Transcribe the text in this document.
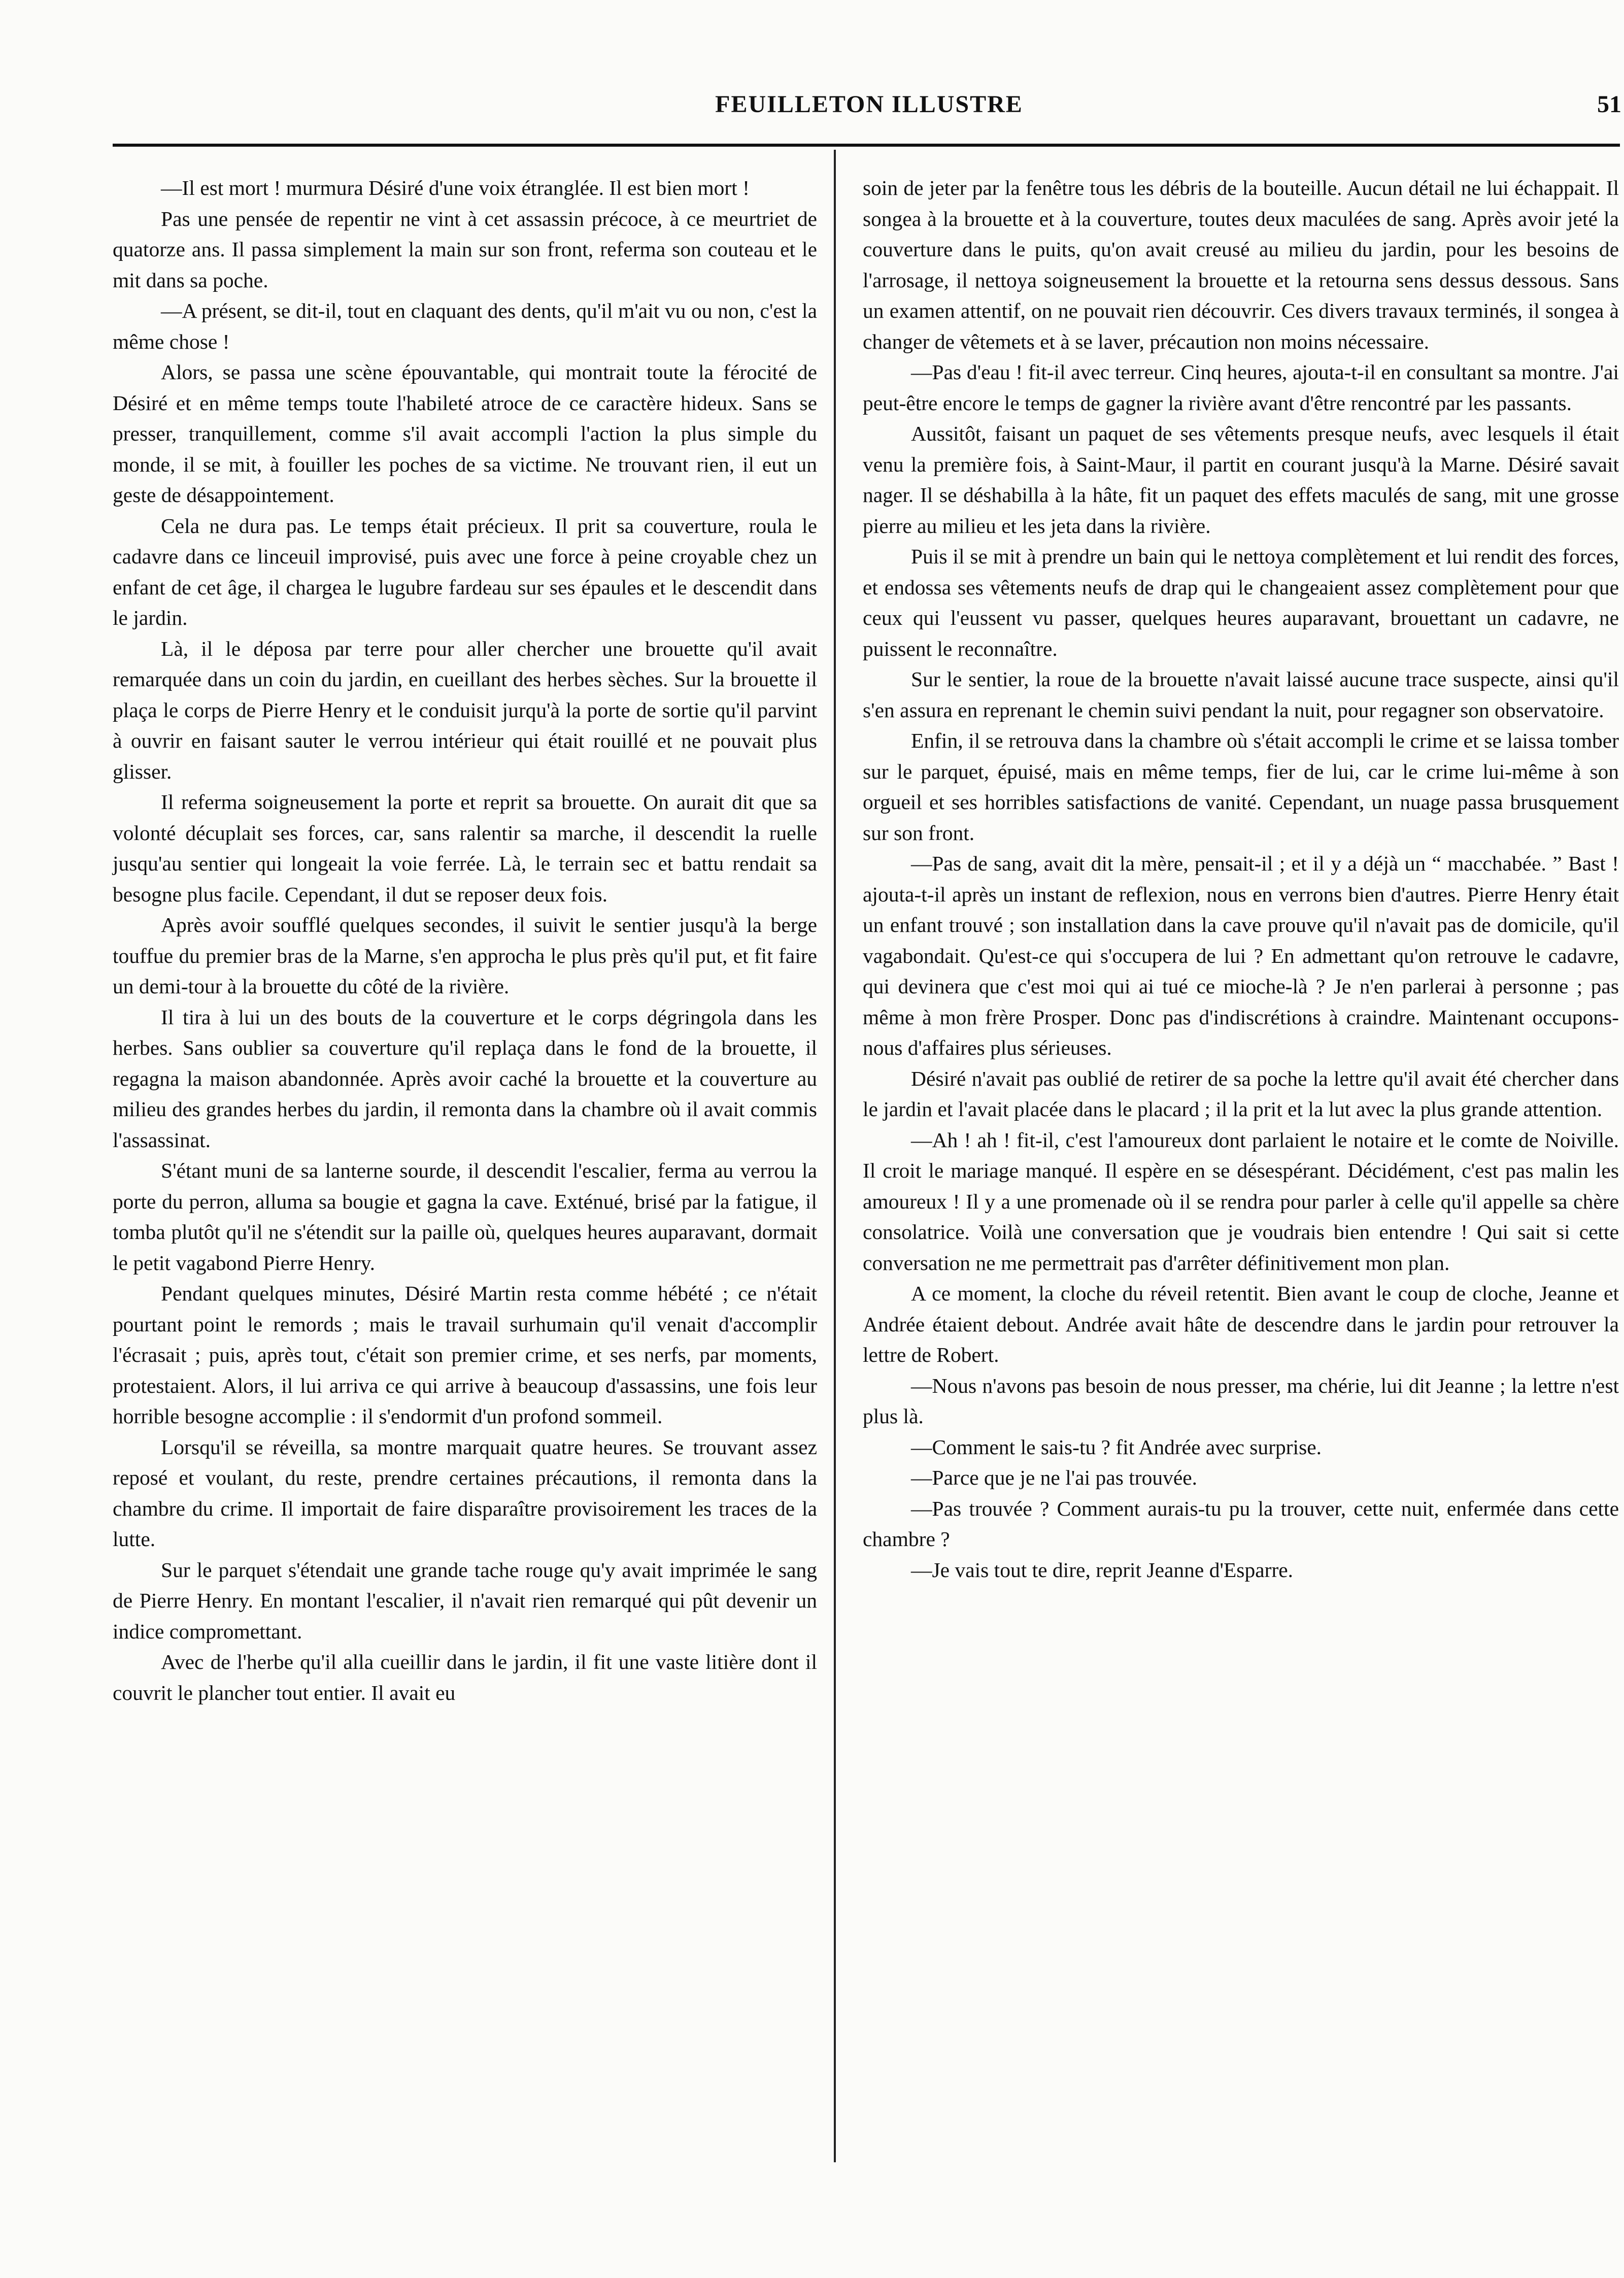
FEUILLETON ILLUSTRE	51

—Il est mort ! murmura Désiré d'une voix étranglée. Il est bien mort !

Pas une pensée de repentir ne vint à cet assassin précoce, à ce meurtriet de quatorze ans. Il passa simplement la main sur son front, referma son couteau et le mit dans sa poche.

—A présent, se dit-il, tout en claquant des dents, qu'il m'ait vu ou non, c'est la même chose !

Alors, se passa une scène épouvantable, qui montrait toute la férocité de Désiré et en même temps toute l'habileté atroce de ce caractère hideux. Sans se presser, tranquillement, comme s'il avait accompli l'action la plus simple du monde, il se mit, à fouiller les poches de sa victime. Ne trouvant rien, il eut un geste de désappointement.

Cela ne dura pas. Le temps était précieux. Il prit sa couverture, roula le cadavre dans ce linceuil improvisé, puis avec une force à peine croyable chez un enfant de cet âge, il chargea le lugubre fardeau sur ses épaules et le descendit dans le jardin.

Là, il le déposa par terre pour aller chercher une brouette qu'il avait remarquée dans un coin du jardin, en cueillant des herbes sèches. Sur la brouette il plaça le corps de Pierre Henry et le conduisit jurqu'à la porte de sortie qu'il parvint à ouvrir en faisant sauter le verrou intérieur qui était rouillé et ne pouvait plus glisser.

Il referma soigneusement la porte et reprit sa brouette. On aurait dit que sa volonté décuplait ses forces, car, sans ralentir sa marche, il descendit la ruelle jusqu'au sentier qui longeait la voie ferrée. Là, le terrain sec et battu rendait sa besogne plus facile. Cependant, il dut se reposer deux fois.

Après avoir soufflé quelques secondes, il suivit le sentier jusqu'à la berge touffue du premier bras de la Marne, s'en approcha le plus près qu'il put, et fit faire un demi-tour à la brouette du côté de la rivière.

Il tira à lui un des bouts de la couverture et le corps dégringola dans les herbes. Sans oublier sa couverture qu'il replaça dans le fond de la brouette, il regagna la maison abandonnée. Après avoir caché la brouette et la couverture au milieu des grandes herbes du jardin, il remonta dans la chambre où il avait commis l'assassinat.

S'étant muni de sa lanterne sourde, il descendit l'escalier, ferma au verrou la porte du perron, alluma sa bougie et gagna la cave. Exténué, brisé par la fatigue, il tomba plutôt qu'il ne s'étendit sur la paille où, quelques heures auparavant, dormait le petit vagabond Pierre Henry.

Pendant quelques minutes, Désiré Martin resta comme hébété ; ce n'était pourtant point le remords ; mais le travail surhumain qu'il venait d'accomplir l'écrasait ; puis, après tout, c'était son premier crime, et ses nerfs, par moments, protestaient. Alors, il lui arriva ce qui arrive à beaucoup d'assassins, une fois leur horrible besogne accomplie : il s'endormit d'un profond sommeil.

Lorsqu'il se réveilla, sa montre marquait quatre heures. Se trouvant assez reposé et voulant, du reste, prendre certaines précautions, il remonta dans la chambre du crime. Il importait de faire disparaître provisoirement les traces de la lutte.

Sur le parquet s'étendait une grande tache rouge qu'y avait imprimée le sang de Pierre Henry. En montant l'escalier, il n'avait rien remarqué qui pût devenir un indice compromettant.

Avec de l'herbe qu'il alla cueillir dans le jardin, il fit une vaste litière dont il couvrit le plancher tout entier. Il avait eu

soin de jeter par la fenêtre tous les débris de la bouteille. Aucun détail ne lui échappait. Il songea à la brouette et à la couverture, toutes deux maculées de sang. Après avoir jeté la couverture dans le puits, qu'on avait creusé au milieu du jardin, pour les besoins de l'arrosage, il nettoya soigneusement la brouette et la retourna sens dessus dessous. Sans un examen attentif, on ne pouvait rien découvrir. Ces divers travaux terminés, il songea à changer de vêtemets et à se laver, précaution non moins nécessaire.

—Pas d'eau ! fit-il avec terreur. Cinq heures, ajouta-t-il en consultant sa montre. J'ai peut-être encore le temps de gagner la rivière avant d'être rencontré par les passants.

Aussitôt, faisant un paquet de ses vêtements presque neufs, avec lesquels il était venu la première fois, à Saint-Maur, il partit en courant jusqu'à la Marne. Désiré savait nager. Il se déshabilla à la hâte, fit un paquet des effets maculés de sang, mit une grosse pierre au milieu et les jeta dans la rivière.

Puis il se mit à prendre un bain qui le nettoya complètement et lui rendit des forces, et endossa ses vêtements neufs de drap qui le changeaient assez complètement pour que ceux qui l'eussent vu passer, quelques heures auparavant, brouettant un cadavre, ne puissent le reconnaître.

Sur le sentier, la roue de la brouette n'avait laissé aucune trace suspecte, ainsi qu'il s'en assura en reprenant le chemin suivi pendant la nuit, pour regagner son observatoire.

Enfin, il se retrouva dans la chambre où s'était accompli le crime et se laissa tomber sur le parquet, épuisé, mais en même temps, fier de lui, car le crime lui-même à son orgueil et ses horribles satisfactions de vanité. Cependant, un nuage passa brusquement sur son front.

—Pas de sang, avait dit la mère, pensait-il ; et il y a déjà un “ macchabée. ” Bast ! ajouta-t-il après un instant de reflexion, nous en verrons bien d'autres. Pierre Henry était un enfant trouvé ; son installation dans la cave prouve qu'il n'avait pas de domicile, qu'il vagabondait. Qu'est-ce qui s'occupera de lui ? En admettant qu'on retrouve le cadavre, qui devinera que c'est moi qui ai tué ce mioche-là ? Je n'en parlerai à personne ; pas même à mon frère Prosper. Donc pas d'indiscrétions à craindre. Maintenant occupons-nous d'affaires plus sérieuses.

Désiré n'avait pas oublié de retirer de sa poche la lettre qu'il avait été chercher dans le jardin et l'avait placée dans le placard ; il la prit et la lut avec la plus grande attention.

—Ah ! ah ! fit-il, c'est l'amoureux dont parlaient le notaire et le comte de Noiville. Il croit le mariage manqué. Il espère en se désespérant. Décidément, c'est pas malin les amoureux ! Il y a une promenade où il se rendra pour parler à celle qu'il appelle sa chère consolatrice. Voilà une conversation que je voudrais bien entendre ! Qui sait si cette conversation ne me permettrait pas d'arrêter définitivement mon plan.

A ce moment, la cloche du réveil retentit. Bien avant le coup de cloche, Jeanne et Andrée étaient debout. Andrée avait hâte de descendre dans le jardin pour retrouver la lettre de Robert.

—Nous n'avons pas besoin de nous presser, ma chérie, lui dit Jeanne ; la lettre n'est plus là.

—Comment le sais-tu ? fit Andrée avec surprise.

—Parce que je ne l'ai pas trouvée.

—Pas trouvée ? Comment aurais-tu pu la trouver, cette nuit, enfermée dans cette chambre ?

—Je vais tout te dire, reprit Jeanne d'Esparre.
